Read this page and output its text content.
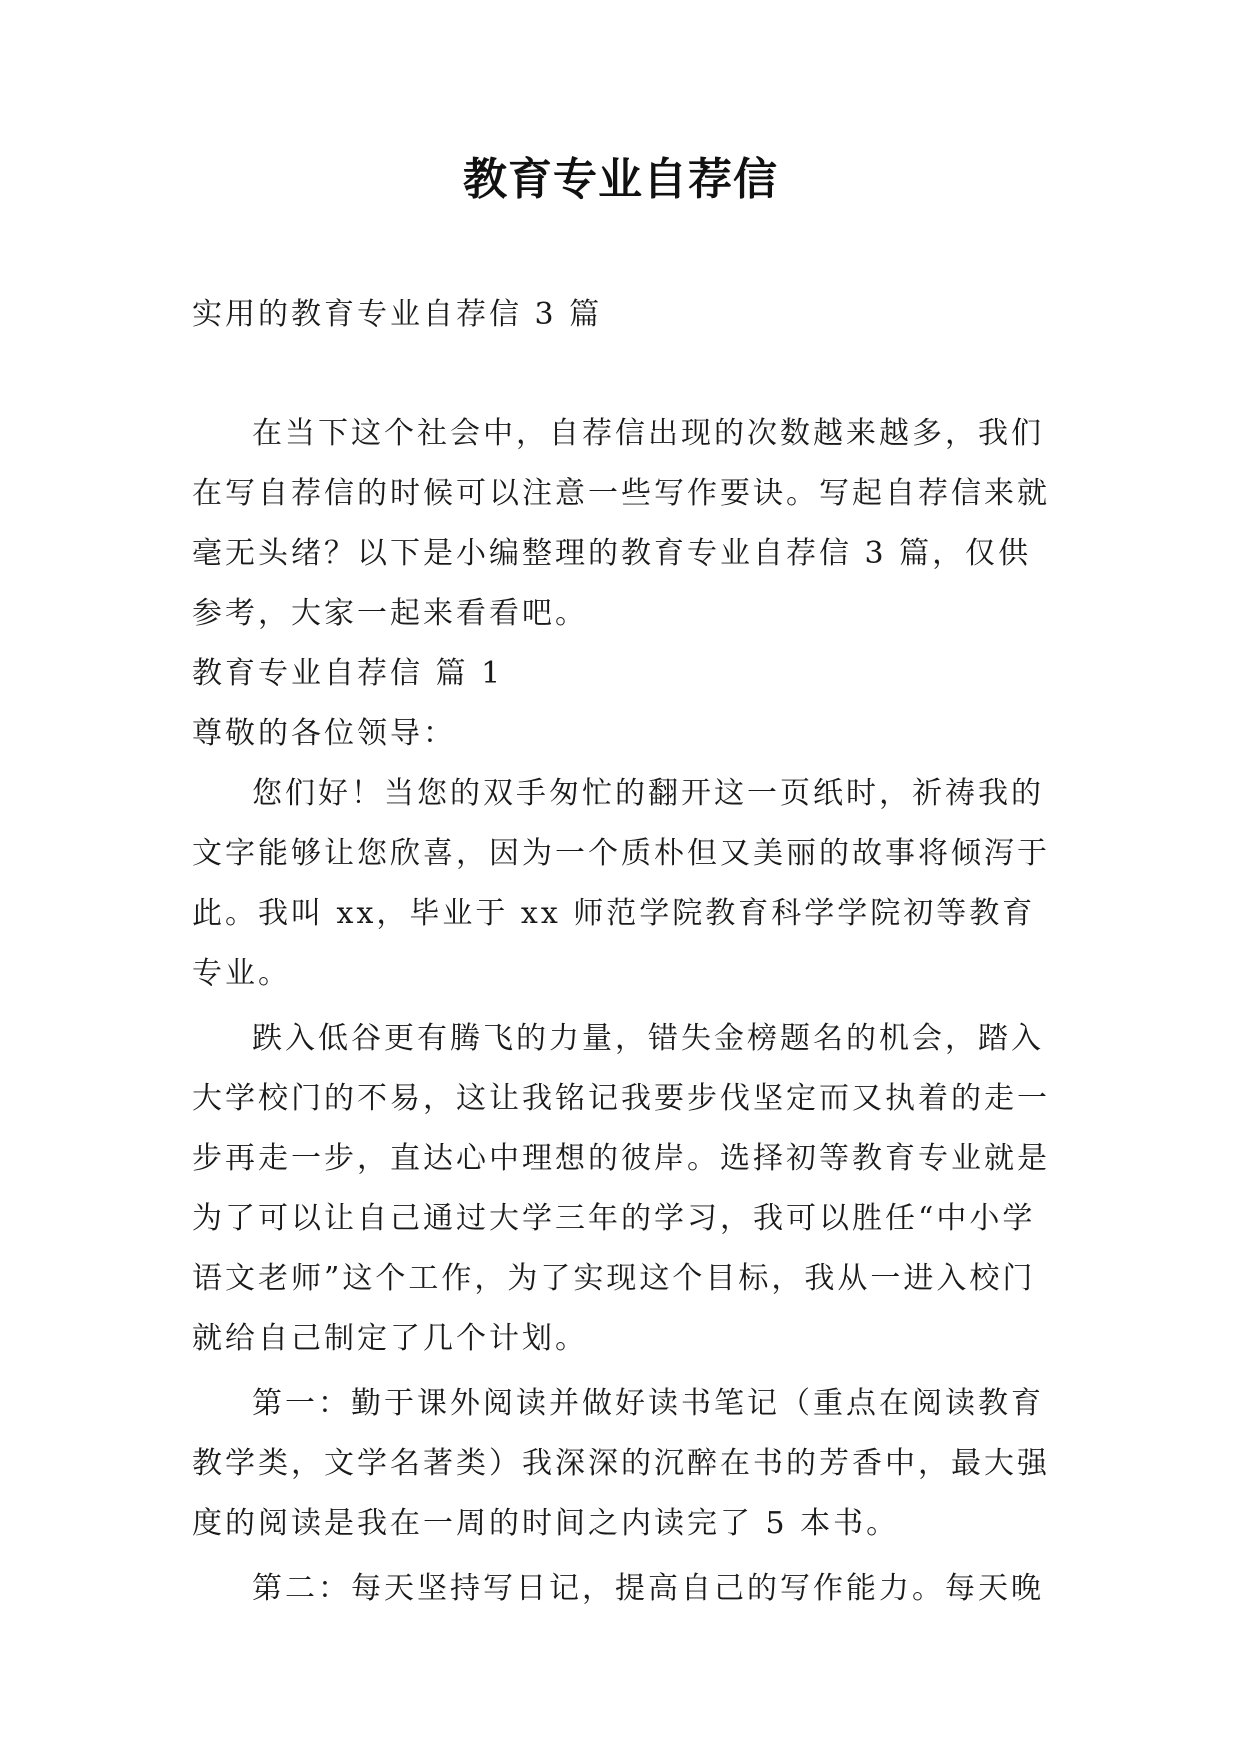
教育专业自荐信
实用的教育专业自荐信 3 篇

在当下这个社会中，自荐信出现的次数越来越多，我们在写自荐信的时候可以注意一些写作要诀。写起自荐信来就毫无头绪？以下是小编整理的教育专业自荐信 3 篇，仅供参考，大家一起来看看吧。

教育专业自荐信 篇 1

尊敬的各位领导：

您们好！当您的双手匆忙的翻开这一页纸时，祈祷我的文字能够让您欣喜，因为一个质朴但又美丽的故事将倾泻于此。我叫 xx，毕业于 xx 师范学院教育科学学院初等教育专业。

跌入低谷更有腾飞的力量，错失金榜题名的机会，踏入大学校门的不易，这让我铭记我要步伐坚定而又执着的走一步再走一步，直达心中理想的彼岸。选择初等教育专业就是为了可以让自己通过大学三年的学习，我可以胜任“中小学语文老师”这个工作，为了实现这个目标，我从一进入校门就给自己制定了几个计划。

第一：勤于课外阅读并做好读书笔记（重点在阅读教育教学类，文学名著类）我深深的沉醉在书的芳香中，最大强度的阅读是我在一周的时间之内读完了 5 本书。

第二：每天坚持写日记，提高自己的写作能力。每天晚
